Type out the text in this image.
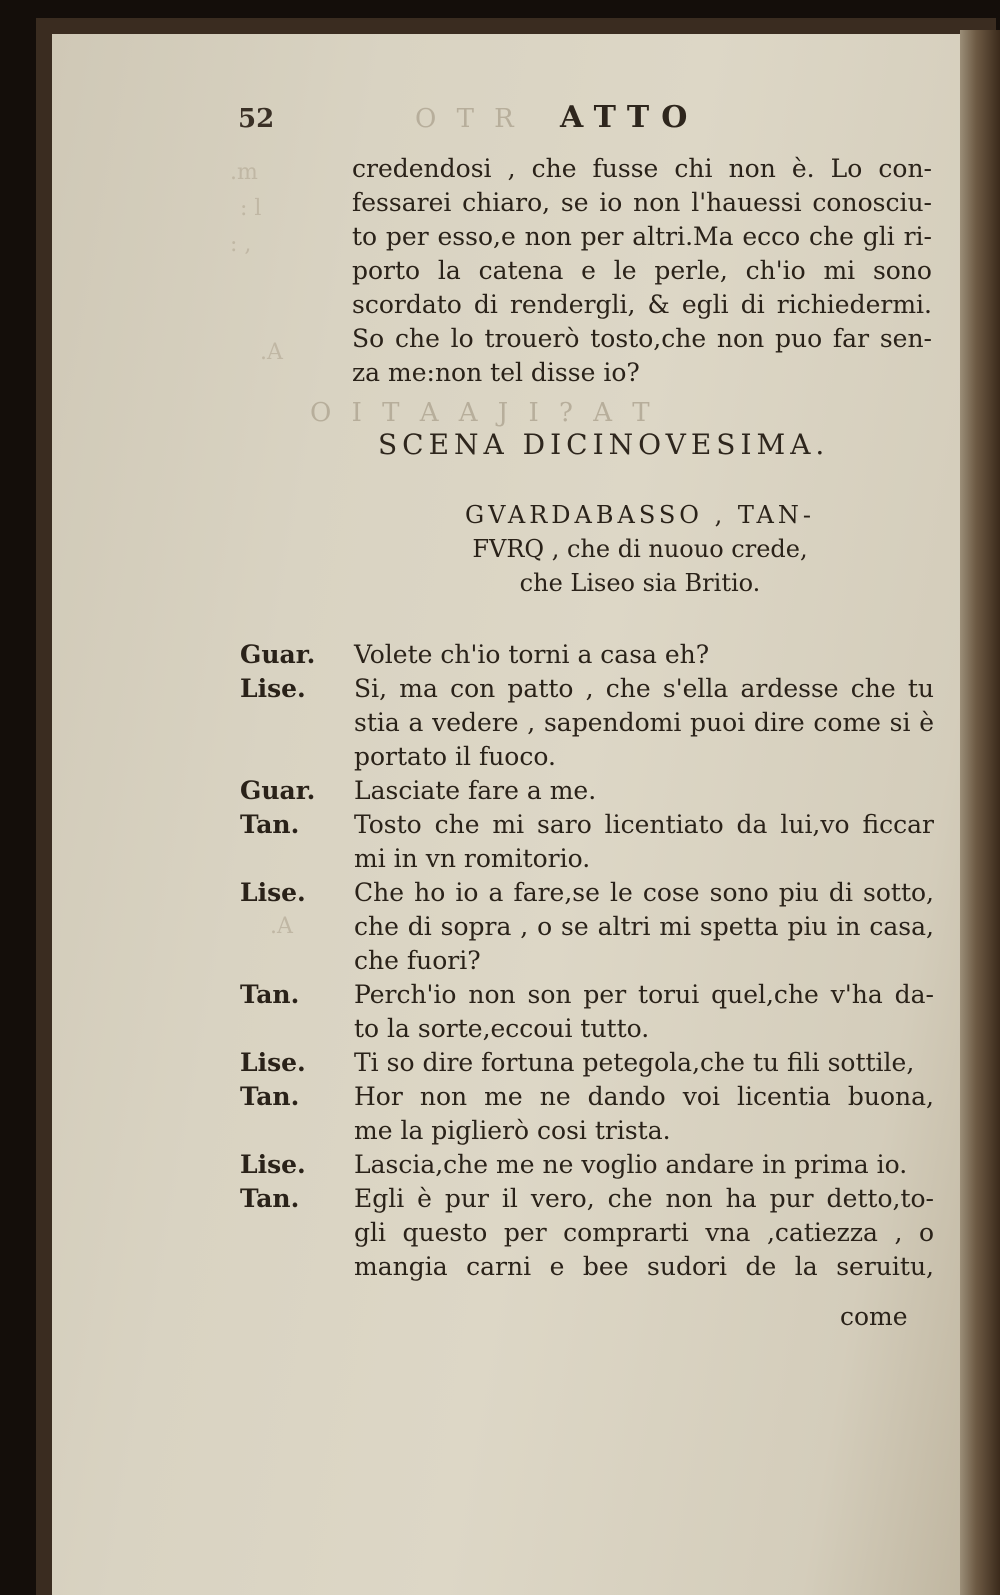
O T R
O I T A A J I ? A T
.m
: l
: ,
.A
.A
52	ATTO

credendosi , che fusse chi non è. Lo con-

fessarei chiaro, se io non l'hauessi conosciu-

to per esso,e non per altri.Ma ecco che gli ri-

porto la catena e le perle, ch'io mi sono

scordato di rendergli, & egli di richiedermi.

So che lo trouerò tosto,che non puo far sen-

za me:non tel disse io?

SCENA DICINOVESIMA.
GVARDABASSO , TAN-
FVRQ , che di nuouo crede,
che Liseo sia Britio.
Guar.	Volete ch'io torni a casa eh?

Lise.	Si, ma con patto , che s'ella ardesse che tu

stia a vedere , sapendomi puoi dire come si è

portato il fuoco.

Guar.	Lasciate fare a me.

Tan.	Tosto che mi saro licentiato da lui,vo ficcar

mi in vn romitorio.

Lise.	Che ho io a fare,se le cose sono piu di sotto,

che di sopra , o se altri mi spetta piu in casa,

che fuori?

Tan.	Perch'io non son per torui quel,che v'ha da-

to la sorte,eccoui tutto.

Lise.	Ti so dire fortuna petegola,che tu fili sottile,

Tan.	Hor non me ne dando voi licentia buona,

me la piglierò cosi trista.

Lise.	Lascia,che me ne voglio andare in prima io.

Tan.	Egli è pur il vero, che non ha pur detto,to-

gli questo per comprarti vna ,catiezza , o

mangia carni e bee sudori de la seruitu,

come
